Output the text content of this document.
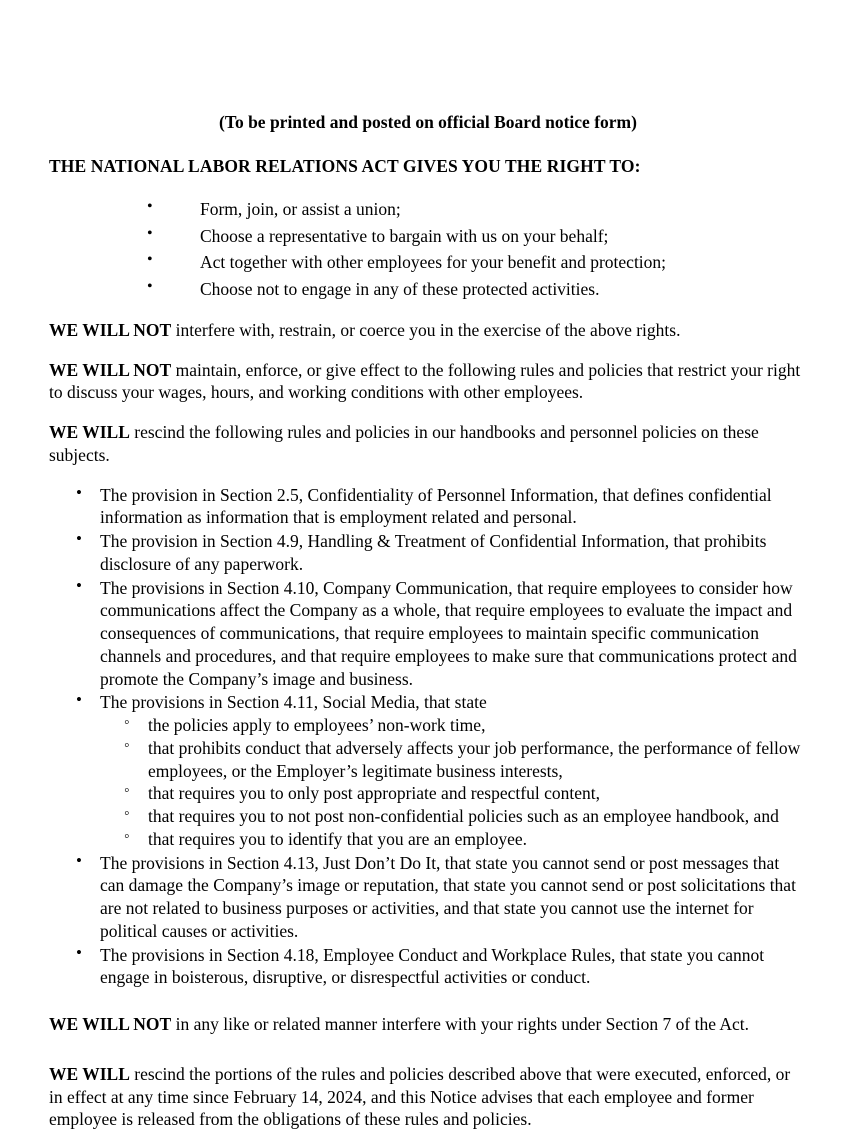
(To be printed and posted on official Board notice form)
THE NATIONAL LABOR RELATIONS ACT GIVES YOU THE RIGHT TO:
• Form, join, or assist a union;
• Choose a representative to bargain with us on your behalf;
• Act together with other employees for your benefit and protection;
• Choose not to engage in any of these protected activities.

WE WILL NOT interfere with, restrain, or coerce you in the exercise of the above rights.

WE WILL NOT maintain, enforce, or give effect to the following rules and policies that restrict your right to discuss your wages, hours, and working conditions with other employees.

WE WILL rescind the following rules and policies in our handbooks and personnel policies on these subjects.

• The provision in Section 2.5, Confidentiality of Personnel Information, that defines confidential information as information that is employment related and personal.
• The provision in Section 4.9, Handling & Treatment of Confidential Information, that prohibits disclosure of any paperwork.
• The provisions in Section 4.10, Company Communication, that require employees to consider how communications affect the Company as a whole, that require employees to evaluate the impact and consequences of communications, that require employees to maintain specific communication channels and procedures, and that require employees to make sure that communications protect and promote the Company’s image and business.
• The provisions in Section 4.11, Social Media, that state
◦ the policies apply to employees’ non-work time,
◦ that prohibits conduct that adversely affects your job performance, the performance of fellow employees, or the Employer’s legitimate business interests,
◦ that requires you to only post appropriate and respectful content,
◦ that requires you to not post non-confidential policies such as an employee handbook, and
◦ that requires you to identify that you are an employee.
• The provisions in Section 4.13, Just Don’t Do It, that state you cannot send or post messages that can damage the Company’s image or reputation, that state you cannot send or post solicitations that are not related to business purposes or activities, and that state you cannot use the internet for political causes or activities.
• The provisions in Section 4.18, Employee Conduct and Workplace Rules, that state you cannot engage in boisterous, disruptive, or disrespectful activities or conduct.

WE WILL NOT in any like or related manner interfere with your rights under Section 7 of the Act.

WE WILL rescind the portions of the rules and policies described above that were executed, enforced, or in effect at any time since February 14, 2024, and this Notice advises that each employee and former employee is released from the obligations of these rules and policies.
